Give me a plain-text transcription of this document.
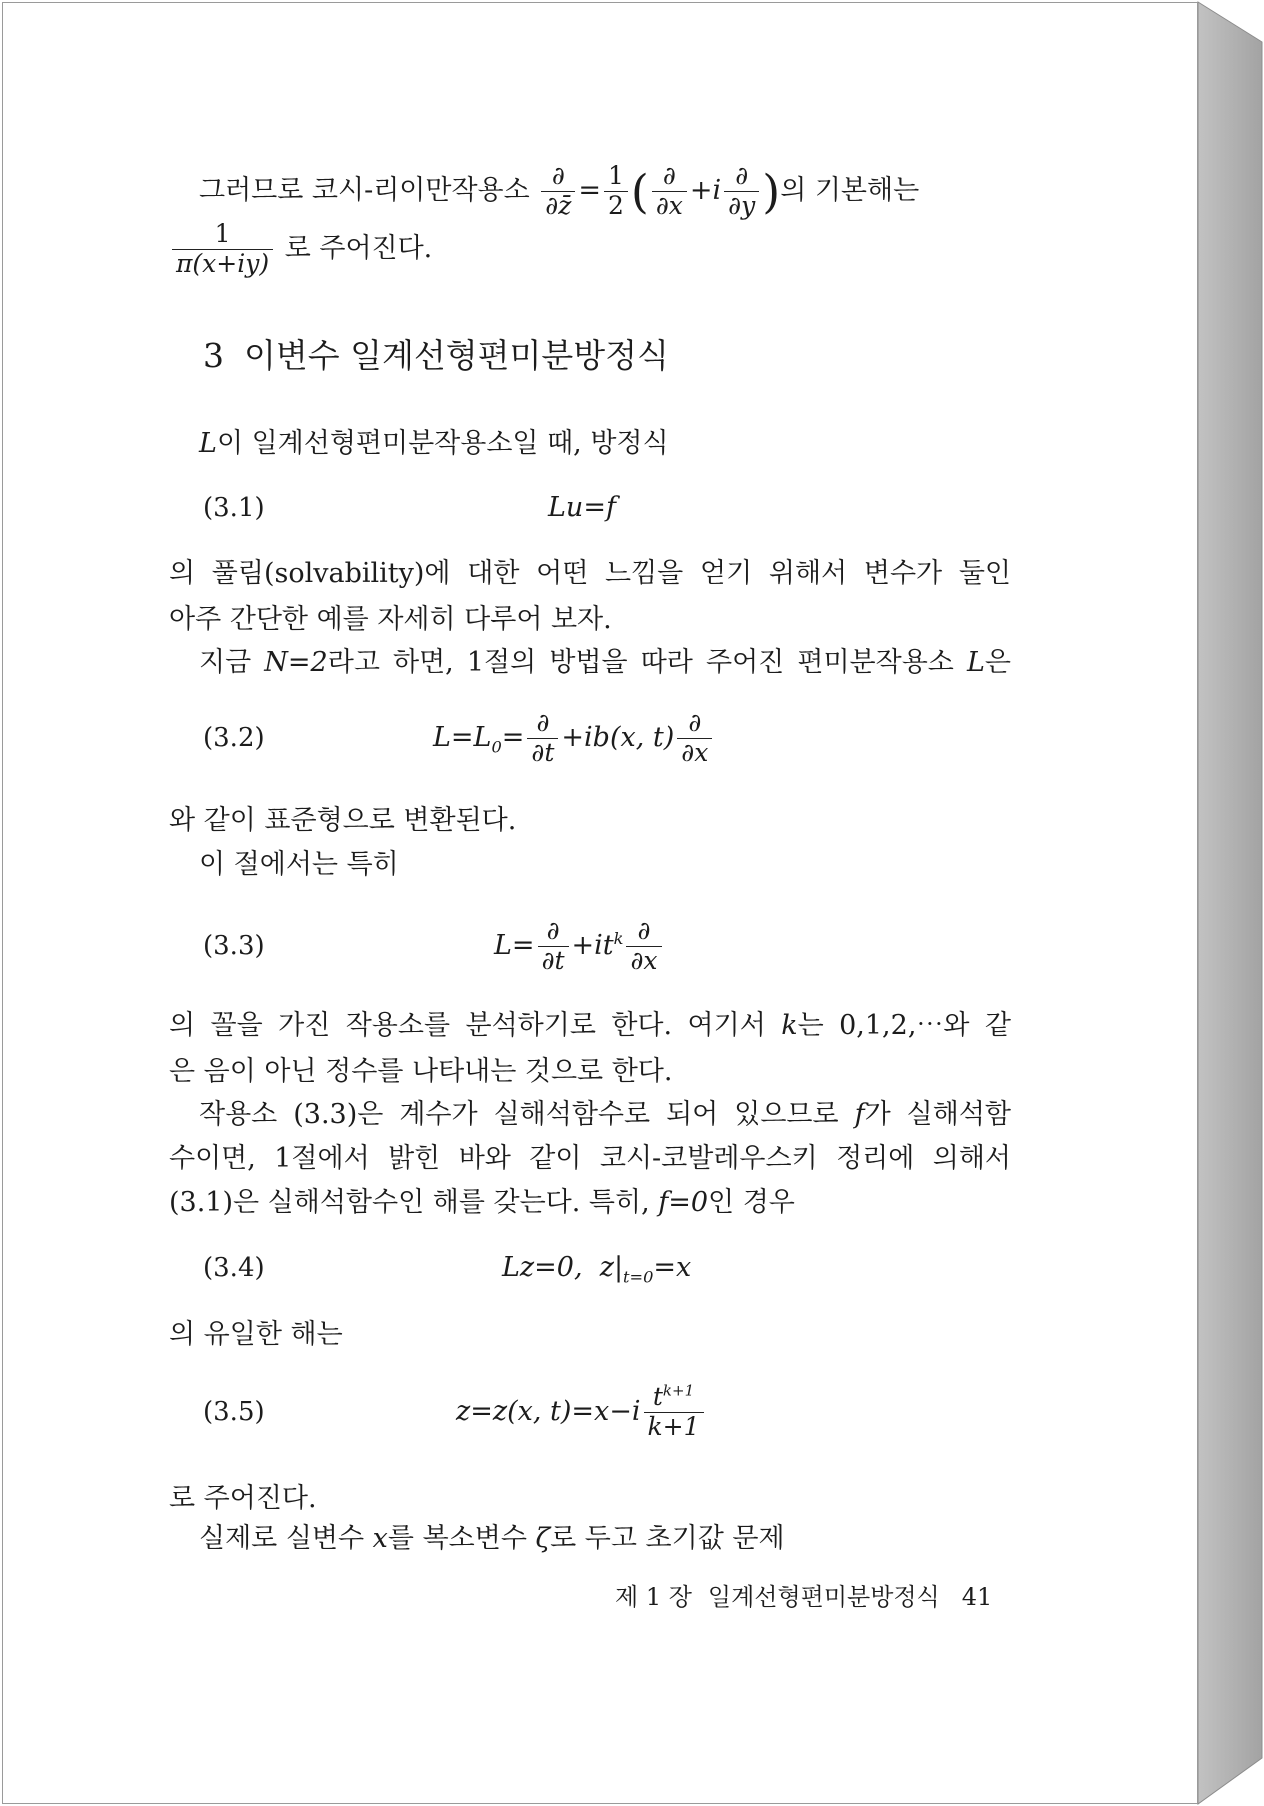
그러므로 코시-리이만작용소 $\frac{\partial}{\partial z̄} = \frac{1}{2}$ ( $\frac{\partial}{\partial x} +i \frac{\partial}{\partial y}$ )의 기본해는
$\frac{1}{\pi(x+iy)}$ 로 주어진다.
3 이변수 일계선형편미분방정식
L이 일계선형편미분작용소일 때, 방정식
(3.1)	Lu=f
의 풀림(solvability)에 대한 어떤 느낌을 얻기 위해서 변수가 둘인
아주 간단한 예를 자세히 다루어 보자.
지금 N=2라고 하면, 1절의 방법을 따라 주어진 편미분작용소 L은
(3.2)	$L=L_0= \frac{\partial}{\partial t} +ib(x$, $t) \frac{\partial}{\partial x}$
와 같이 표준형으로 변환된다.
이 절에서는 특히
(3.3)	$L= \frac{\partial}{\partial t} +it^k \frac{\partial}{\partial x}$
의 꼴을 가진 작용소를 분석하기로 한다. 여기서 k는 0,1,2,⋯와 같
은 음이 아닌 정수를 나타내는 것으로 한다.
작용소 (3.3)은 계수가 실해석함수로 되어 있으므로 f가 실해석함
수이면, 1절에서 밝힌 바와 같이 코시-코발레우스키 정리에 의해서
(3.1)은 실해석함수인 해를 갖는다. 특히, f=0인 경우
(3.4)	Lz=0, $z|_{t=0}=x$
의 유일한 해는
(3.5)	z=z(x, $t)=x-i \frac{t^{k+1}}{k+1}$
로 주어진다.
실제로 실변수 x를 복소변수 ζ로 두고 초기값 문제
제 1 장 일계선형편미분방정식 41
